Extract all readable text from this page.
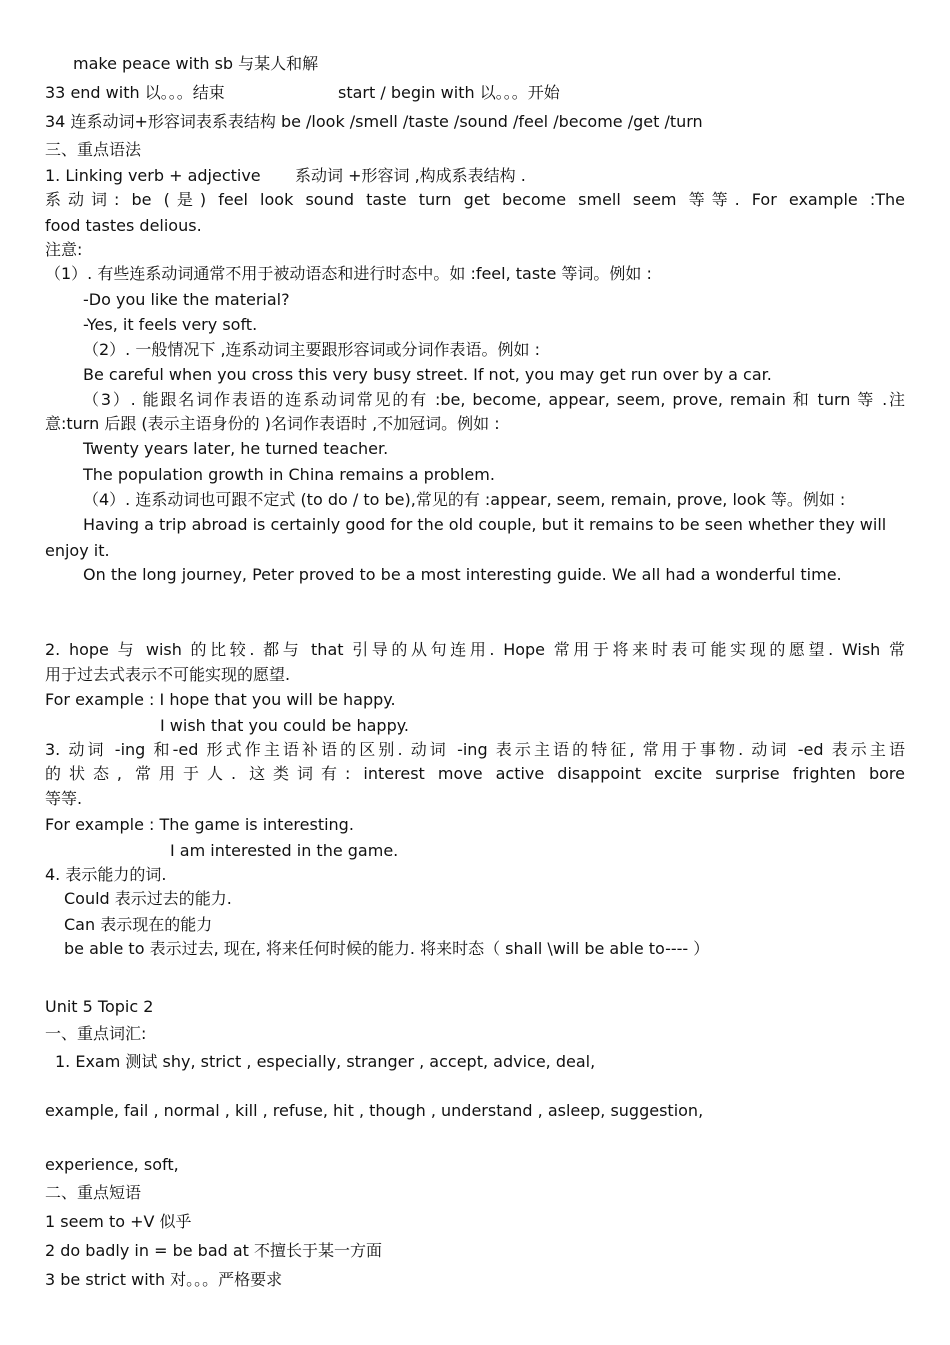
make peace with sb 与某人和解
33 end with 以。。。结束	start / begin with 以。。。开始
34 连系动词+形容词表系表结构 be /look /smell /taste /sound /feel /become /get /turn
三、重点语法
1. Linking verb + adjective 系动词 +形容词 ,构成系表结构 .
系动词: be (是) feel look sound taste turn get become smell seem 等等. For example :The
food tastes delious.
注意:
（1）. 有些连系动词通常不用于被动语态和进行时态中。如 :feel, taste 等词。例如 :
-Do you like the material?
-Yes, it feels very soft.
（2）. 一般情况下 ,连系动词主要跟形容词或分词作表语。例如 :
Be careful when you cross this very busy street. If not, you may get run over by a car.
（3）. 能跟名词作表语的连系动词常见的有 :be, become, appear, seem, prove, remain 和 turn 等 .注
意:turn 后跟 (表示主语身份的 )名词作表语时 ,不加冠词。例如 :
Twenty years later, he turned teacher.
The population growth in China remains a problem.
（4）. 连系动词也可跟不定式 (to do / to be),常见的有 :appear, seem, remain, prove, look 等。例如 :
Having a trip abroad is certainly good for the old couple, but it remains to be seen whether they will
enjoy it.
On the long journey, Peter proved to be a most interesting guide. We all had a wonderful time.
2. hope 与 wish 的比较. 都与 that 引导的从句连用. Hope 常用于将来时表可能实现的愿望. Wish 常
用于过去式表示不可能实现的愿望.
For example : I hope that you will be happy.
I wish that you could be happy.
3. 动词 -ing 和-ed 形式作主语补语的区别. 动词 -ing 表示主语的特征, 常用于事物. 动词 -ed 表示主语
的状态, 常用于人. 这类词有: interest move active disappoint excite surprise frighten bore
等等.
For example : The game is interesting.
I am interested in the game.
4. 表示能力的词.
Could 表示过去的能力.
Can 表示现在的能力
be able to 表示过去, 现在, 将来任何时候的能力. 将来时态（ shall \will be able to---- ）
Unit 5 Topic 2
一、重点词汇:
1. Exam 测试 shy, strict , especially, stranger , accept, advice, deal,
example, fail , normal , kill , refuse, hit , though , understand , asleep, suggestion,
experience, soft,
二、重点短语
1 seem to +V 似乎
2 do badly in = be bad at 不擅长于某一方面
3 be strict with 对。。。严格要求
